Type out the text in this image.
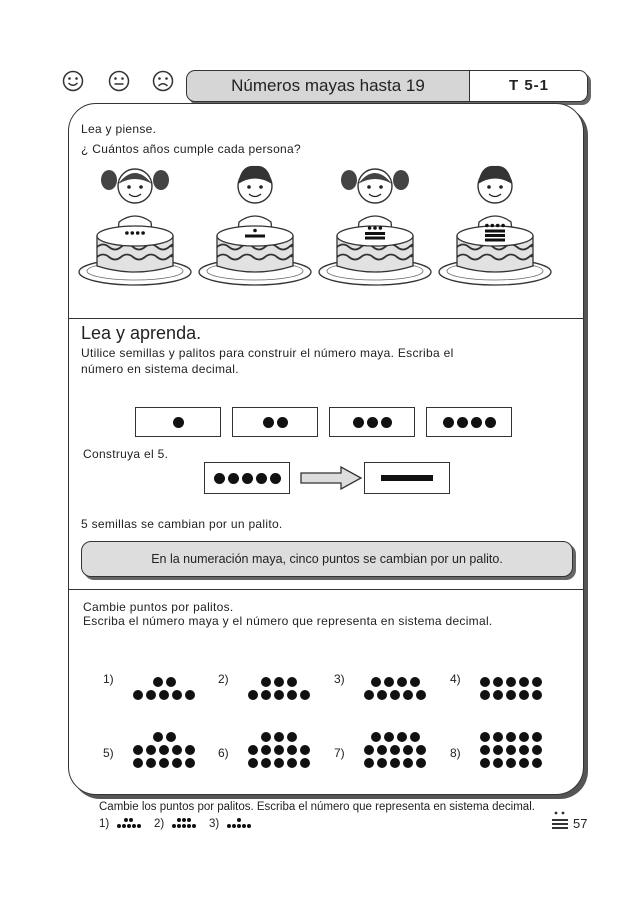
Números mayas hasta 19	T 5-1
Lea y piense.
¿ Cuántos años cumple cada persona?
Lea y aprenda.
Utilice semillas y palitos para construir el número maya. Escriba el
número en sistema decimal.
Construya el 5.
5 semillas se cambian por un palito.
En la numeración maya, cinco puntos se cambian por un palito.
Cambie puntos por palitos.
Escriba el número maya y el número que representa en sistema decimal.
1)	2)	3)	4)
5)	6)	7)	8)
Cambie los puntos por palitos. Escriba el número que representa en sistema decimal.
1)	2)	3)	57
